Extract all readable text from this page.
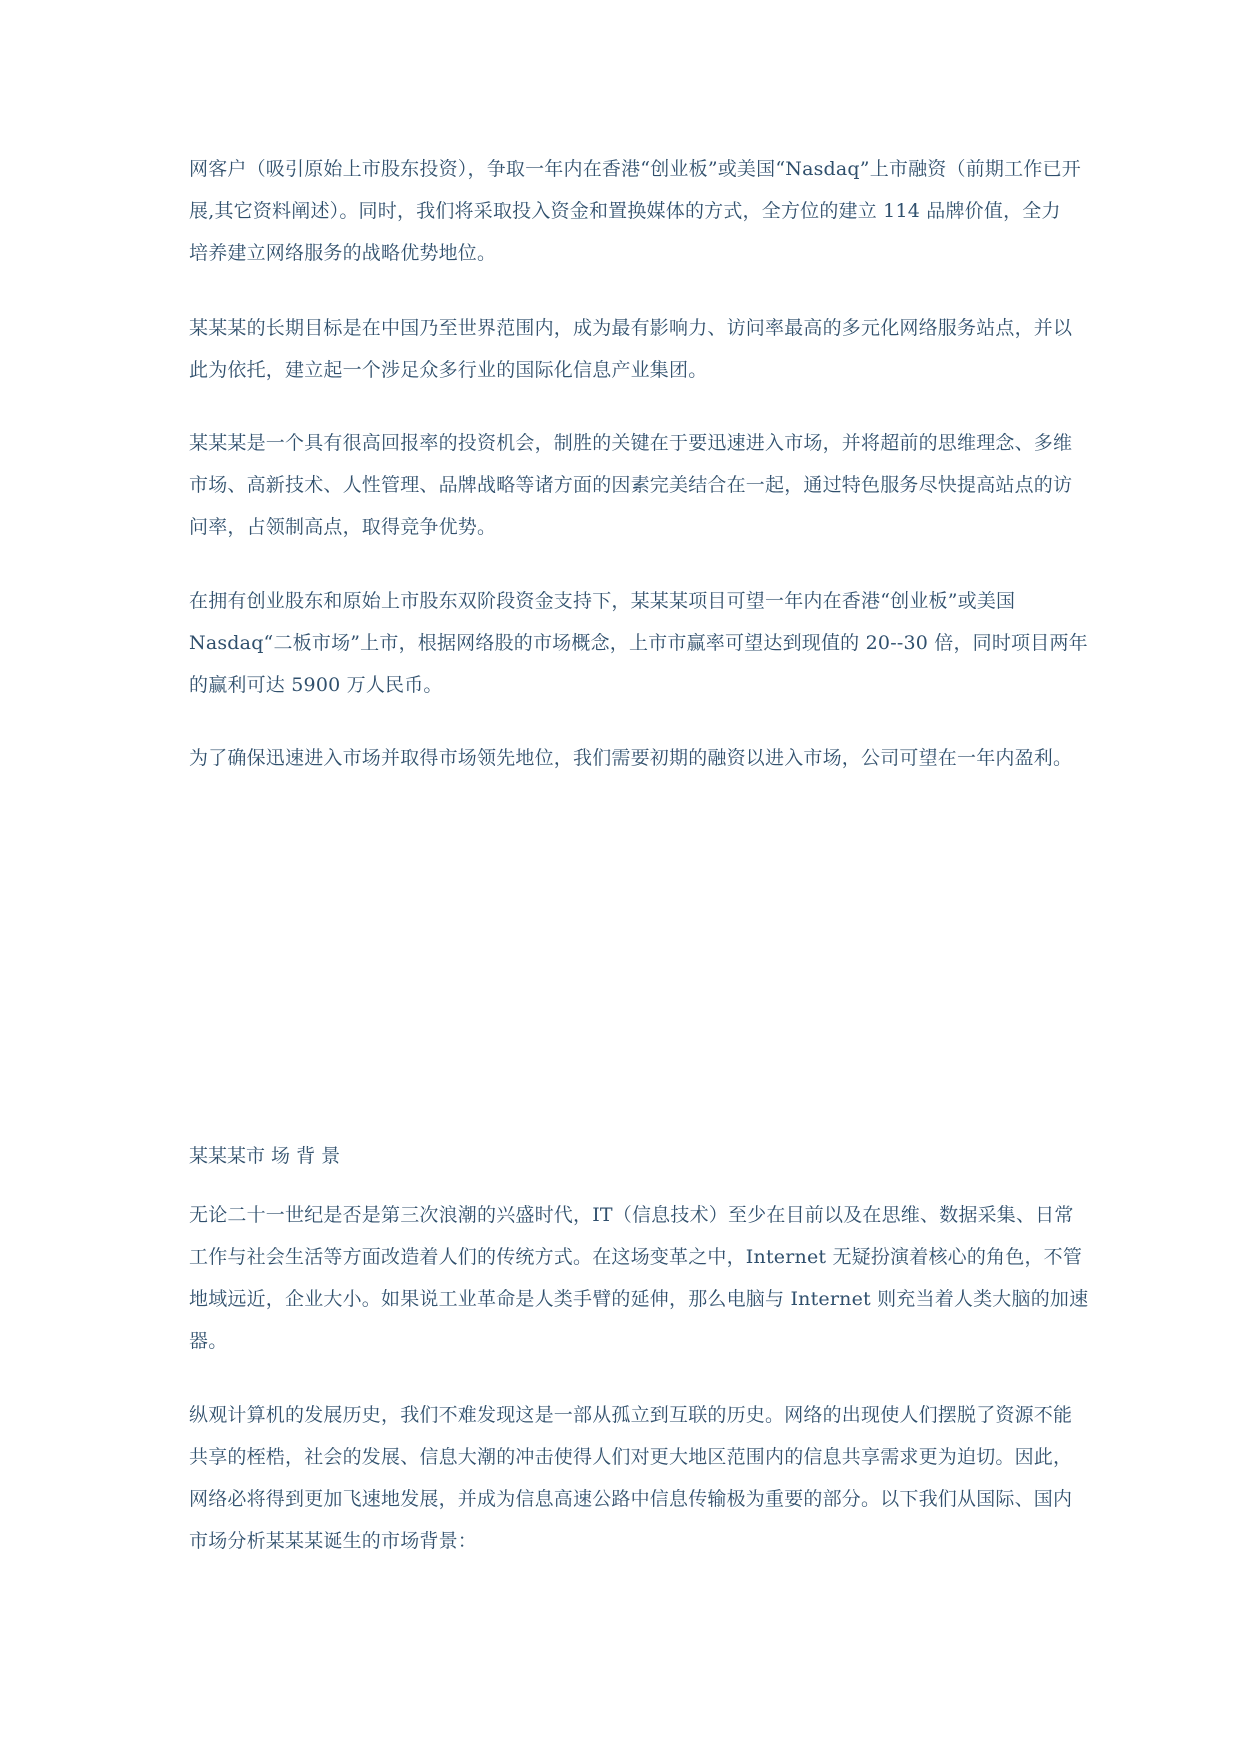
网客户（吸引原始上市股东投资），争取一年内在香港“创业板”或美国“Nasdaq”上市融资（前期工作已开
展,其它资料阐述）。同时，我们将采取投入资金和置换媒体的方式，全方位的建立 114 品牌价值，全力
培养建立网络服务的战略优势地位。

某某某的长期目标是在中国乃至世界范围内，成为最有影响力、访问率最高的多元化网络服务站点，并以
此为依托，建立起一个涉足众多行业的国际化信息产业集团。

某某某是一个具有很高回报率的投资机会，制胜的关键在于要迅速进入市场，并将超前的思维理念、多维
市场、高新技术、人性管理、品牌战略等诸方面的因素完美结合在一起，通过特色服务尽快提高站点的访
问率，占领制高点，取得竞争优势。

在拥有创业股东和原始上市股东双阶段资金支持下，某某某项目可望一年内在香港“创业板”或美国
Nasdaq“二板市场”上市，根据网络股的市场概念，上市市赢率可望达到现值的 20--30 倍，同时项目两年
的赢利可达 5900 万人民币。

为了确保迅速进入市场并取得市场领先地位，我们需要初期的融资以进入市场，公司可望在一年内盈利。

某某某市 场 背 景

无论二十一世纪是否是第三次浪潮的兴盛时代，IT（信息技术）至少在目前以及在思维、数据采集、日常
工作与社会生活等方面改造着人们的传统方式。在这场变革之中，Internet 无疑扮演着核心的角色，不管
地域远近，企业大小。如果说工业革命是人类手臂的延伸，那么电脑与 Internet 则充当着人类大脑的加速
器。

纵观计算机的发展历史，我们不难发现这是一部从孤立到互联的历史。网络的出现使人们摆脱了资源不能
共享的桎梏，社会的发展、信息大潮的冲击使得人们对更大地区范围内的信息共享需求更为迫切。因此，
网络必将得到更加飞速地发展，并成为信息高速公路中信息传输极为重要的部分。以下我们从国际、国内
市场分析某某某诞生的市场背景：
